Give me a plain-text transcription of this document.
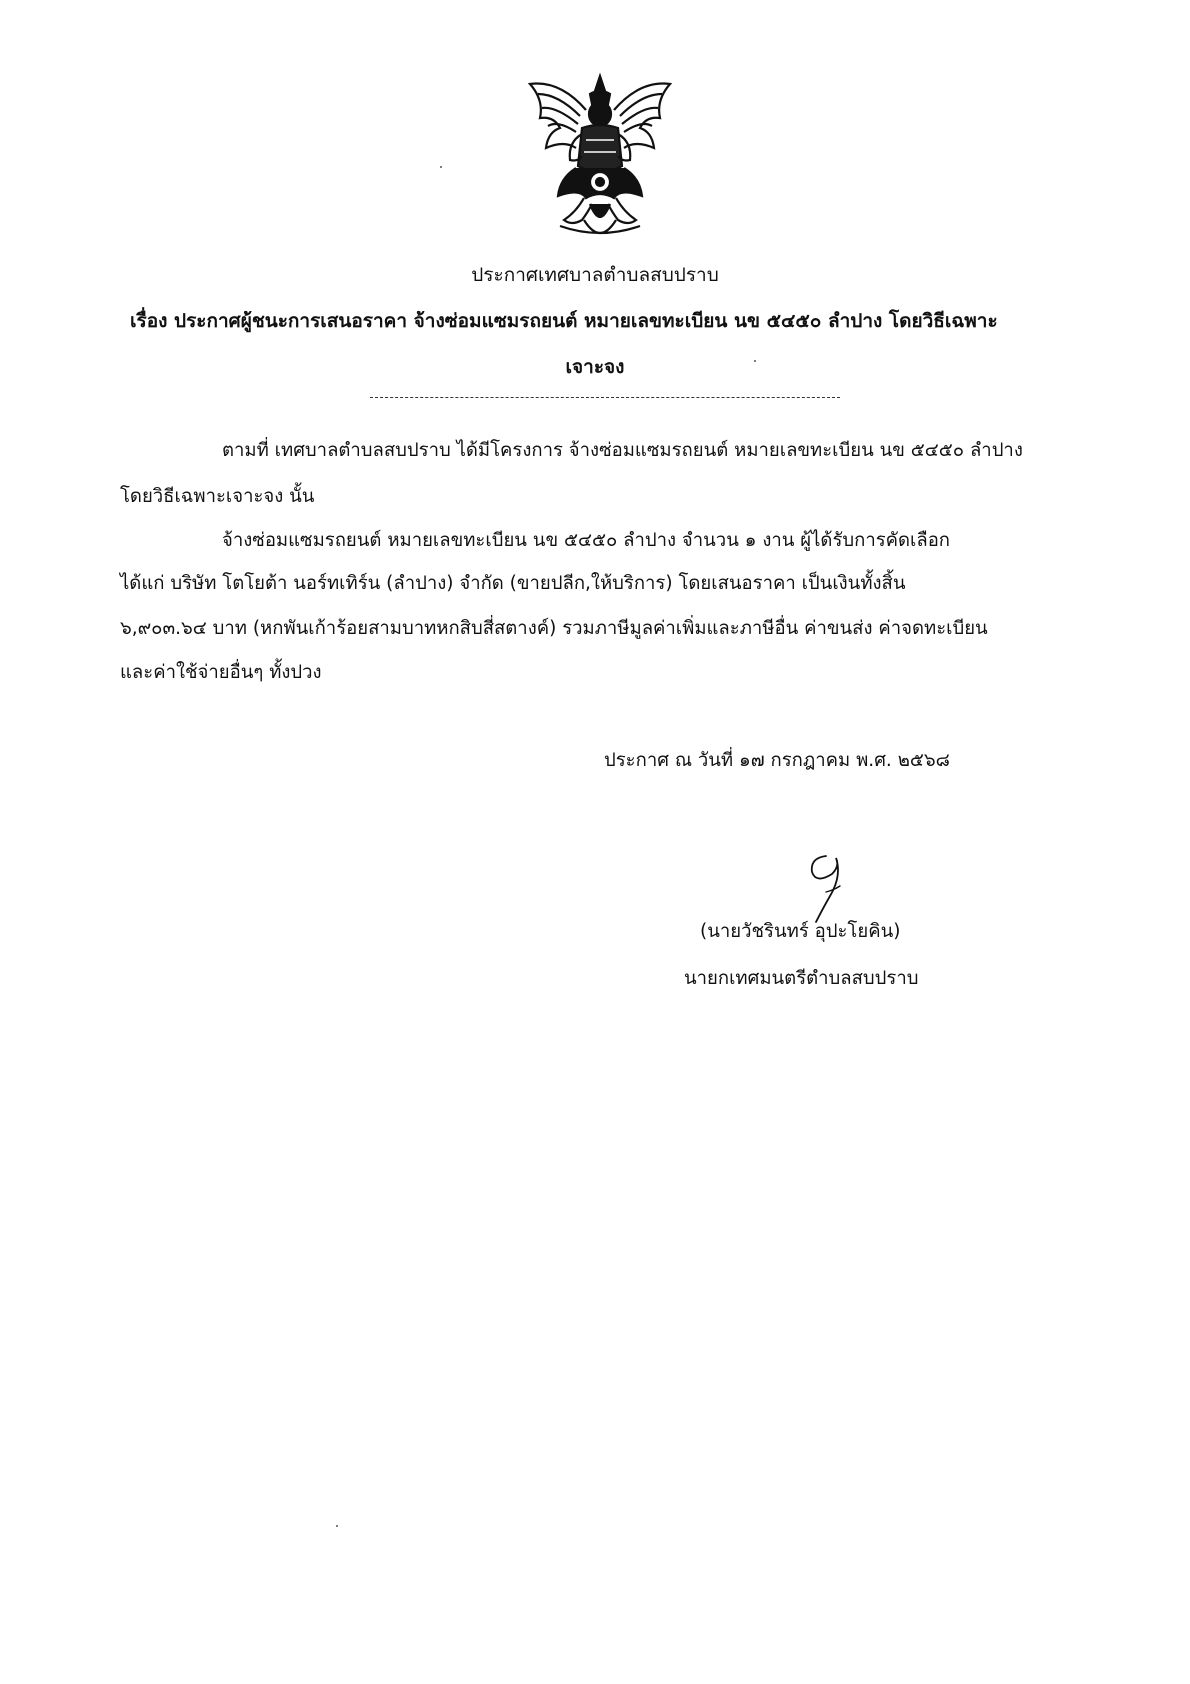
ประกาศเทศบาลตำบลสบปราบ
เรื่อง ประกาศผู้ชนะการเสนอราคา จ้างซ่อมแซมรถยนต์ หมายเลขทะเบียน นข ๕๔๕๐ ลำปาง โดยวิธีเฉพาะ
เจาะจง
ตามที่ เทศบาลตำบลสบปราบ ได้มีโครงการ จ้างซ่อมแซมรถยนต์ หมายเลขทะเบียน นข ๕๔๕๐ ลำปาง
โดยวิธีเฉพาะเจาะจง นั้น
จ้างซ่อมแซมรถยนต์ หมายเลขทะเบียน นข ๕๔๕๐ ลำปาง จำนวน ๑ งาน ผู้ได้รับการคัดเลือก
ได้แก่ บริษัท โตโยต้า นอร์ทเทิร์น (ลำปาง) จำกัด (ขายปลีก,ให้บริการ) โดยเสนอราคา เป็นเงินทั้งสิ้น
๖,๙๐๓.๖๔ บาท (หกพันเก้าร้อยสามบาทหกสิบสี่สตางค์) รวมภาษีมูลค่าเพิ่มและภาษีอื่น ค่าขนส่ง ค่าจดทะเบียน
และค่าใช้จ่ายอื่นๆ ทั้งปวง
ประกาศ ณ วันที่ ๑๗ กรกฎาคม พ.ศ. ๒๕๖๘
(นายวัชรินทร์ อุปะโยคิน)
นายกเทศมนตรีตำบลสบปราบ
